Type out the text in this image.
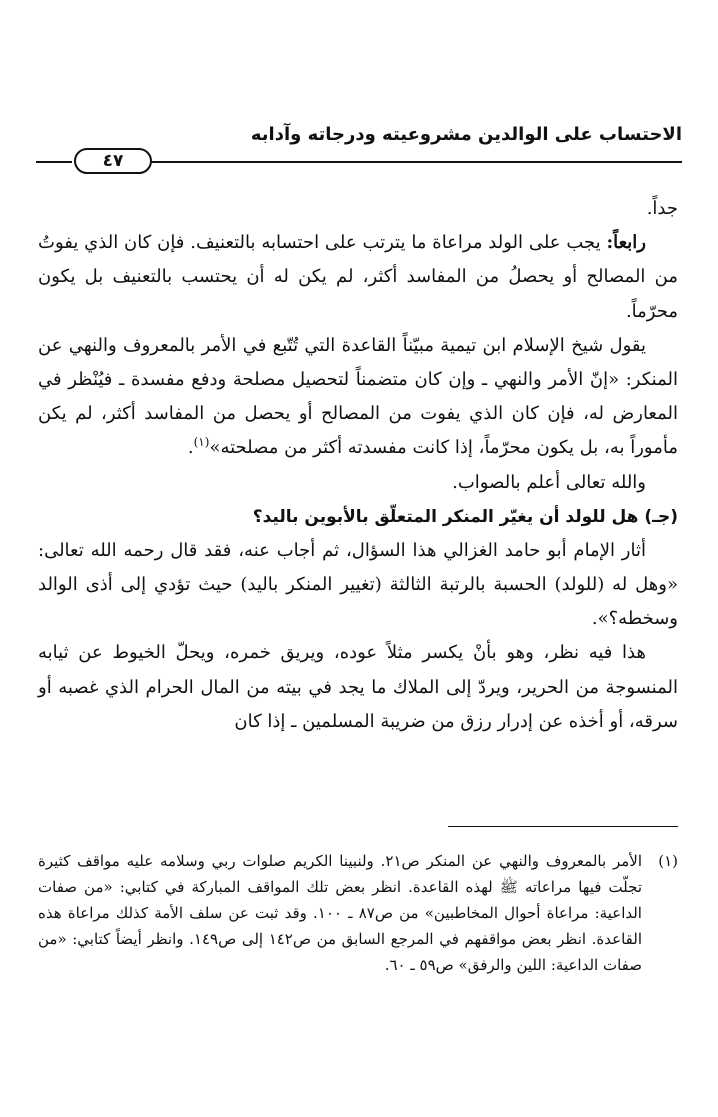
الاحتساب على الوالدين مشروعيته ودرجاته وآدابه
٤٧

جداً.

رابعاً: يجب على الولد مراعاة ما يترتب على احتسابه بالتعنيف. فإن كان الذي يفوتُ من المصالح أو يحصلُ من المفاسد أكثر، لم يكن له أن يحتسب بالتعنيف بل يكون محرّماً.

يقول شيخ الإسلام ابن تيمية مبيّناً القاعدة التي تُتّبع في الأمر بالمعروف والنهي عن المنكر: «إنّ الأمر والنهي ـ وإن كان متضمناً لتحصيل مصلحة ودفع مفسدة ـ فيُنْظر في المعارض له، فإن كان الذي يفوت من المصالح أو يحصل من المفاسد أكثر، لم يكن مأموراً به، بل يكون محرّماً، إذا كانت مفسدته أكثر من مصلحته»$^{(١)}$.

والله تعالى أعلم بالصواب.

(جـ) هل للولد أن يغيّر المنكر المتعلّق بالأبوين باليد؟

أثار الإمام أبو حامد الغزالي هذا السؤال، ثم أجاب عنه، فقد قال رحمه الله تعالى: «وهل له (للولد) الحسبة بالرتبة الثالثة (تغيير المنكر باليد) حيث تؤدي إلى أذى الوالد وسخطه؟».

هذا فيه نظر، وهو بأنْ يكسر مثلاً عوده، ويريق خمره، ويحلّ الخيوط عن ثيابه المنسوجة من الحرير، ويردّ إلى الملاك ما يجد في بيته من المال الحرام الذي غصبه أو سرقه، أو أخذه عن إدرار رزق من ضريبة المسلمين ـ إذا كان

(١)

الأمر بالمعروف والنهي عن المنكر ص٢١. ولنبينا الكريم صلوات ربي وسلامه عليه مواقف كثيرة تجلّت فيها مراعاته ﷺ لهذه القاعدة. انظر بعض تلك المواقف المباركة في كتابي: «من صفات الداعية: مراعاة أحوال المخاطبين» من ص٨٧ ـ ١٠٠. وقد ثبت عن سلف الأمة كذلك مراعاة هذه القاعدة. انظر بعض مواقفهم في المرجع السابق من ص١٤٢ إلى ص١٤٩. وانظر أيضاً كتابي: «من صفات الداعية: اللين والرفق» ص٥٩ ـ ٦٠.
